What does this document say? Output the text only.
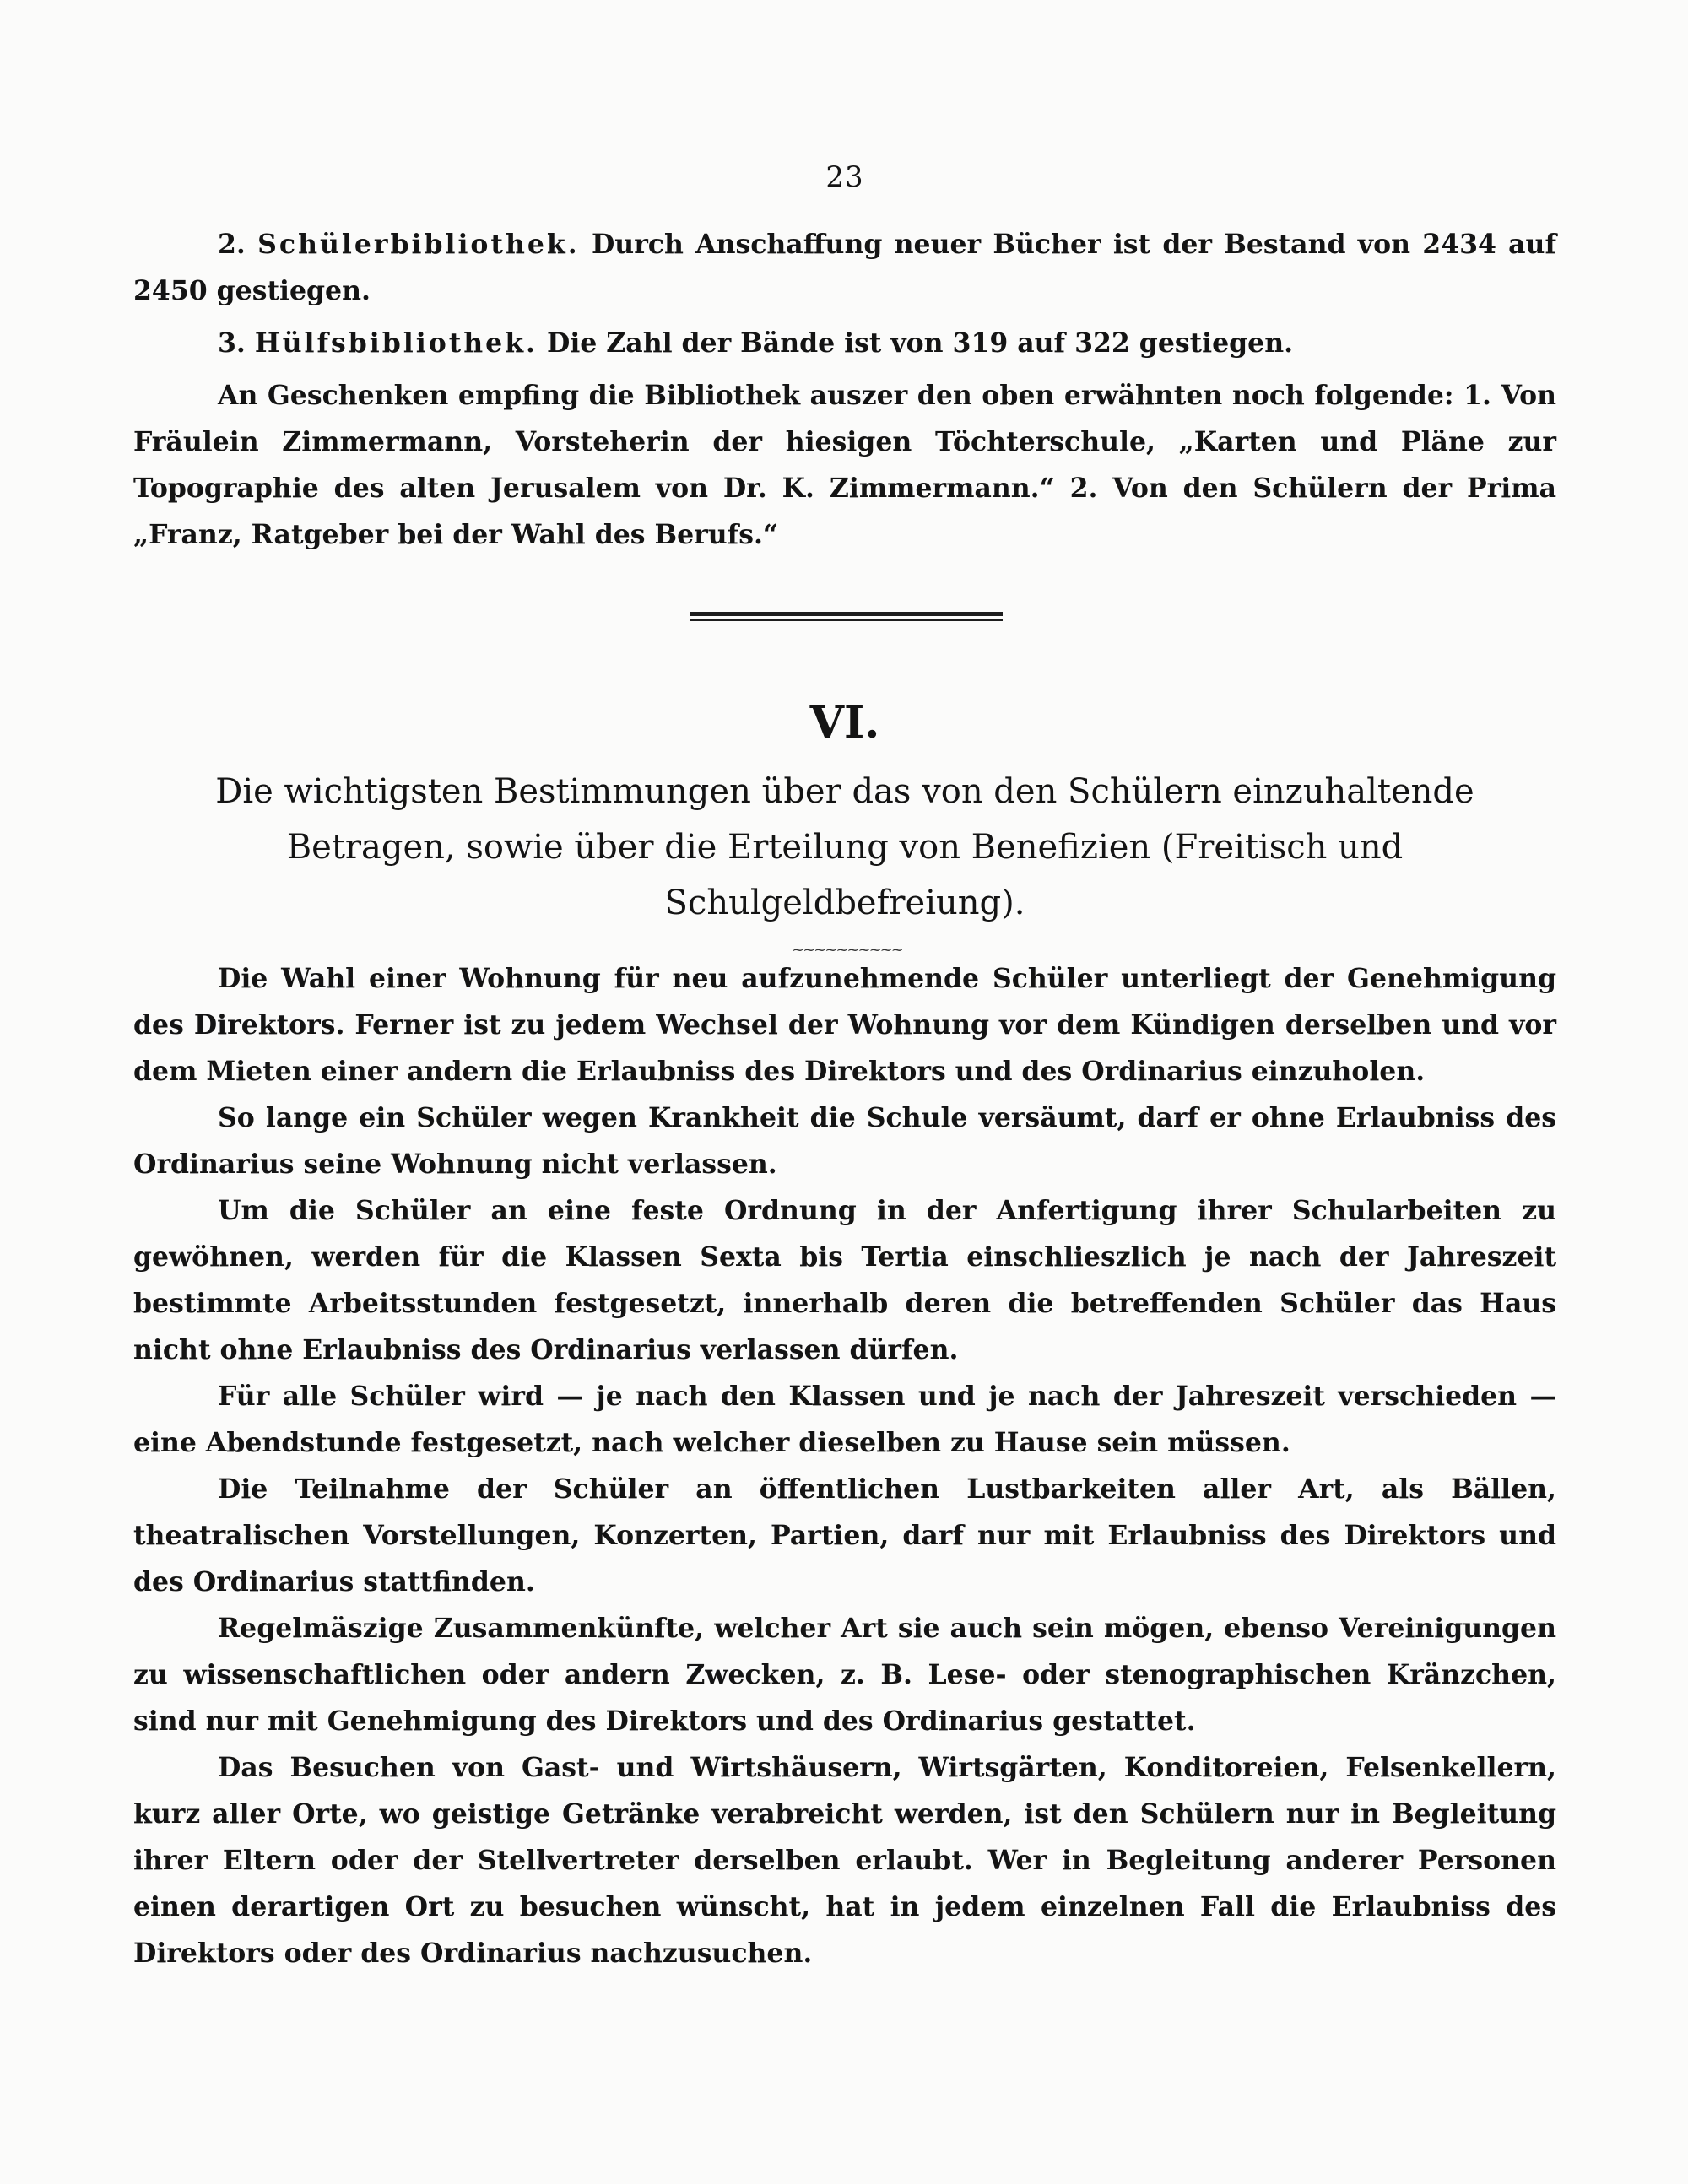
23

2. Schülerbibliothek. Durch Anschaffung neuer Bücher ist der Bestand von 2434 auf 2450 gestiegen.

3. Hülfsbibliothek. Die Zahl der Bände ist von 319 auf 322 gestiegen.

An Geschenken empfing die Bibliothek auszer den oben erwähnten noch folgende: 1. Von Fräulein Zimmermann, Vorsteherin der hiesigen Töchterschule, „Karten und Pläne zur Topographie des alten Jerusalem von Dr. K. Zimmermann.“ 2. Von den Schülern der Prima „Franz, Ratgeber bei der Wahl des Berufs.“

VI.
Die wichtigsten Bestimmungen über das von den Schülern einzuhaltende Betragen, sowie über die Erteilung von Benefizien (Freitisch und Schulgeldbefreiung).
~~~~~~~~~~

Die Wahl einer Wohnung für neu aufzunehmende Schüler unterliegt der Genehmigung des Direktors. Ferner ist zu jedem Wechsel der Wohnung vor dem Kündigen derselben und vor dem Mieten einer andern die Erlaubniss des Direktors und des Ordinarius einzuholen.

So lange ein Schüler wegen Krankheit die Schule versäumt, darf er ohne Erlaubniss des Ordinarius seine Wohnung nicht verlassen.

Um die Schüler an eine feste Ordnung in der Anfertigung ihrer Schularbeiten zu gewöhnen, werden für die Klassen Sexta bis Tertia einschlieszlich je nach der Jahreszeit bestimmte Arbeitsstunden festgesetzt, innerhalb deren die betreffenden Schüler das Haus nicht ohne Erlaubniss des Ordinarius verlassen dürfen.

Für alle Schüler wird — je nach den Klassen und je nach der Jahreszeit verschieden — eine Abendstunde festgesetzt, nach welcher dieselben zu Hause sein müssen.

Die Teilnahme der Schüler an öffentlichen Lustbarkeiten aller Art, als Bällen, theatralischen Vorstellungen, Konzerten, Partien, darf nur mit Erlaubniss des Direktors und des Ordinarius stattfinden.

Regelmäszige Zusammenkünfte, welcher Art sie auch sein mögen, ebenso Vereinigungen zu wissenschaftlichen oder andern Zwecken, z. B. Lese- oder stenographischen Kränzchen, sind nur mit Genehmigung des Direktors und des Ordinarius gestattet.

Das Besuchen von Gast- und Wirtshäusern, Wirtsgärten, Konditoreien, Felsenkellern, kurz aller Orte, wo geistige Getränke verabreicht werden, ist den Schülern nur in Begleitung ihrer Eltern oder der Stellvertreter derselben erlaubt. Wer in Begleitung anderer Personen einen derartigen Ort zu besuchen wünscht, hat in jedem einzelnen Fall die Erlaubniss des Direktors oder des Ordinarius nachzusuchen.
